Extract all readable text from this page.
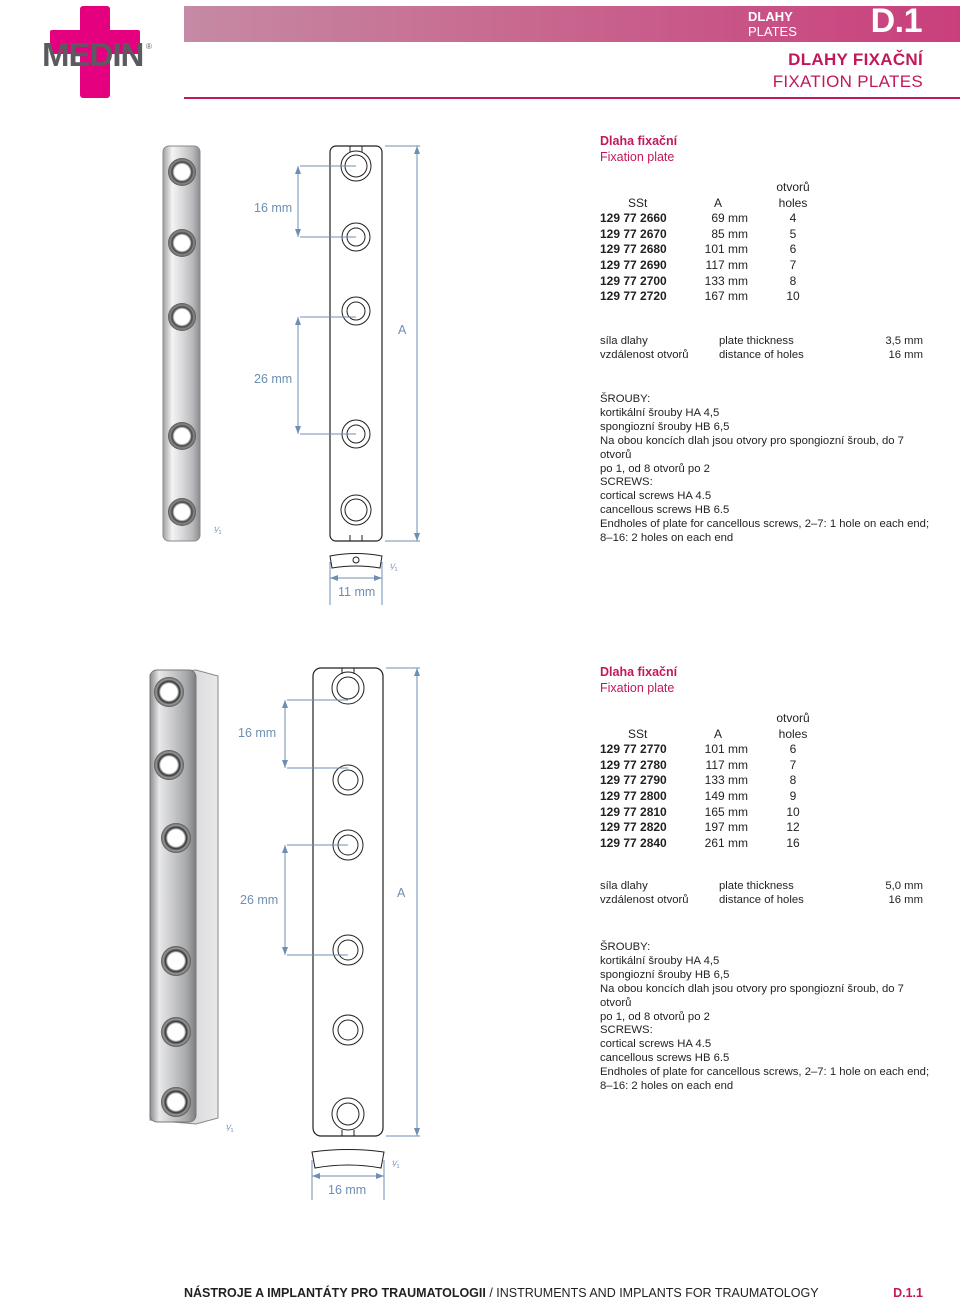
MEDIN ®
DLAHY
PLATES	D.1
DLAHY FIXAČNÍ
FIXATION PLATES
16 mm
26 mm
A
11 mm
¹⁄₁
¹⁄₁
Dlaha fixační
Fixation plate
otvorů
SSt	A	holes
129 77 2660	69 mm	4
129 77 2670	85 mm	5
129 77 2680	101 mm	6
129 77 2690	117 mm	7
129 77 2700	133 mm	8
129 77 2720	167 mm	10
síla dlahy	plate thickness	3,5 mm
vzdálenost otvorů	distance of holes	16 mm
ŠROUBY:
kortikální šrouby HA 4,5
spongiozní šrouby HB 6,5
Na obou koncích dlah jsou otvory pro spongiozní šroub, do 7 otvorů
po 1, od 8 otvorů po 2
SCREWS:
cortical screws HA 4.5
cancellous screws HB 6.5
Endholes of plate for cancellous screws, 2–7: 1 hole on each end;
8–16: 2 holes on each end
16 mm
26 mm	A
16 mm
¹⁄₁
¹⁄₁
Dlaha fixační
Fixation plate
otvorů
SSt	A	holes
129 77 2770	101 mm	6
129 77 2780	117 mm	7
129 77 2790	133 mm	8
129 77 2800	149 mm	9
129 77 2810	165 mm	10
129 77 2820	197 mm	12
129 77 2840	261 mm	16
síla dlahy	plate thickness	5,0 mm
vzdálenost otvorů	distance of holes	16 mm
ŠROUBY:
kortikální šrouby HA 4,5
spongiozní šrouby HB 6,5
Na obou koncích dlah jsou otvory pro spongiozní šroub, do 7 otvorů
po 1, od 8 otvorů po 2
SCREWS:
cortical screws HA 4.5
cancellous screws HB 6.5
Endholes of plate for cancellous screws, 2–7: 1 hole on each end;
8–16: 2 holes on each end
NÁSTROJE A IMPLANTÁTY PRO TRAUMATOLOGII / INSTRUMENTS AND IMPLANTS FOR TRAUMATOLOGY	D.1.1
